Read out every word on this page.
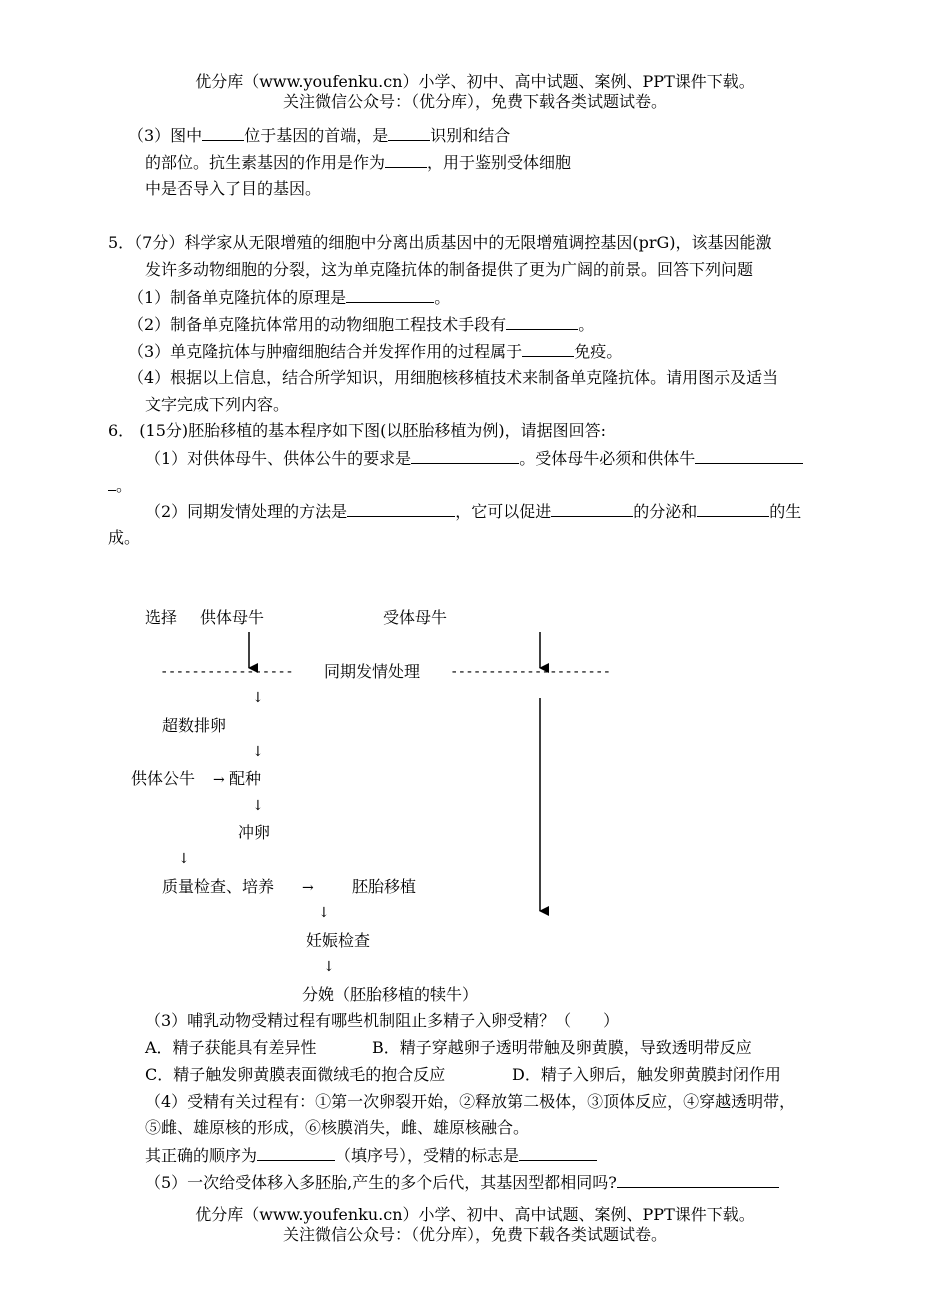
优分库（www.youfenku.cn）小学、初中、高中试题、案例、PPT课件下载。
关注微信公众号：（优分库），免费下载各类试题试卷。
（3）图中	位于基因的首端，是	识别和结合
的部位。抗生素基因的作用是作为	，用于鉴别受体细胞
中是否导入了目的基因。
5．（7分）科学家从无限增殖的细胞中分离出质基因中的无限增殖调控基因(prG)，该基因能激
发许多动物细胞的分裂，这为单克隆抗体的制备提供了更为广阔的前景。回答下列问题
（1）制备单克隆抗体的原理是	。
（2）制备单克隆抗体常用的动物细胞工程技术手段有	。
（3）单克隆抗体与肿瘤细胞结合并发挥作用的过程属于	免疫。
（4）根据以上信息，结合所学知识，用细胞核移植技术来制备单克隆抗体。请用图示及适当
文字完成下列内容。
6． (15分)胚胎移植的基本程序如下图(以胚胎移植为例)，请据图回答:
（1）对供体母牛、供体公牛的要求是	。受体母牛必须和供体牛
。
（2）同期发情处理的方法是	，它可以促进	的分泌和	的生
成。
选择 供体母牛	受体母牛
----------------- 同期发情处理 ---------------------
↓
超数排卵
↓
供体公牛 → 配种
↓
冲卵
↓
质量检查、培养 → 胚胎移植
↓
妊娠检查
↓
分娩（胚胎移植的犊牛）
（3）哺乳动物受精过程有哪些机制阻止多精子入卵受精？（　　）
A．精子获能具有差异性	B．精子穿越卵子透明带触及卵黄膜，导致透明带反应
C．精子触发卵黄膜表面微绒毛的抱合反应	D．精子入卵后，触发卵黄膜封闭作用
（4）受精有关过程有：①第一次卵裂开始，②释放第二极体，③顶体反应，④穿越透明带，
⑤雌、雄原核的形成，⑥核膜消失，雌、雄原核融合。
其正确的顺序为	（填序号），受精的标志是
（5）一次给受体移入多胚胎,产生的多个后代，其基因型都相同吗?
优分库（www.youfenku.cn）小学、初中、高中试题、案例、PPT课件下载。
关注微信公众号：（优分库），免费下载各类试题试卷。
